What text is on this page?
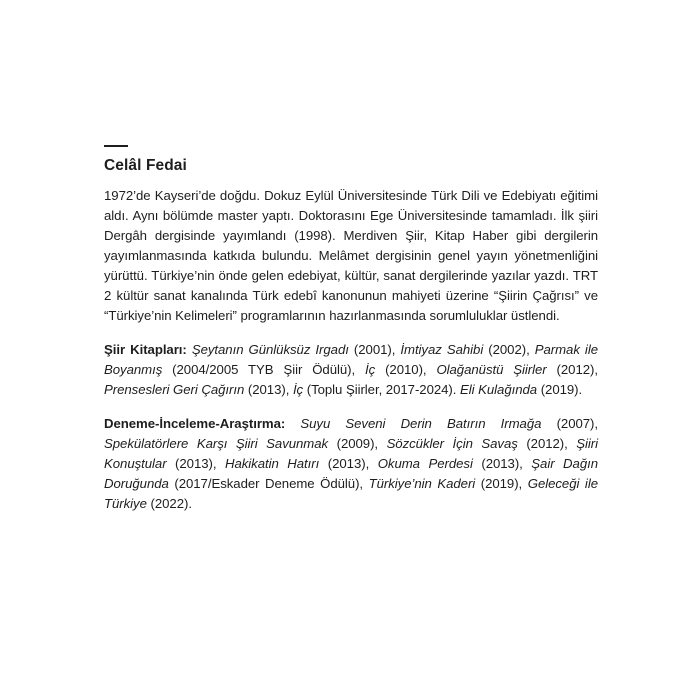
Celâl Fedai

1972’de Kayseri’de doğdu. Dokuz Eylül Üniversitesinde Türk Dili ve Edebiyatı eğitimi aldı. Aynı bölümde master yaptı. Doktorasını Ege Üniversitesinde tamamladı. İlk şiiri Dergâh dergisinde yayımlandı (1998). Merdiven Şiir, Kitap Haber gibi dergilerin yayımlanmasında katkıda bulundu. Melâmet dergisinin genel yayın yönetmenliğini yürüttü. Türkiye’nin önde gelen edebiyat, kültür, sanat dergilerinde yazılar yazdı. TRT 2 kültür sanat kanalında Türk edebî kanonunun mahiyeti üzerine “Şiirin Çağrısı” ve “Türkiye’nin Kelimeleri” programlarının hazırlanmasında sorumluluklar üstlendi.

Şiir Kitapları: Şeytanın Günlüksüz Irgadı (2001), İmtiyaz Sahibi (2002), Parmak ile Boyanmış (2004/2005 TYB Şiir Ödülü), İç (2010), Olağanüstü Şiirler (2012), Prensesleri Geri Çağırın (2013), İç (Toplu Şiirler, 2017-2024). Eli Kulağında (2019).

Deneme-İnceleme-Araştırma: Suyu Seveni Derin Batırın Irmağa (2007), Spekülatörlere Karşı Şiiri Savunmak (2009), Sözcükler İçin Savaş (2012), Şiiri Konuştular (2013), Hakikatin Hatırı (2013), Okuma Perdesi (2013), Şair Dağın Doruğunda (2017/Eskader Deneme Ödülü), Türkiye’nin Kaderi (2019), Geleceği ile Türkiye (2022).
